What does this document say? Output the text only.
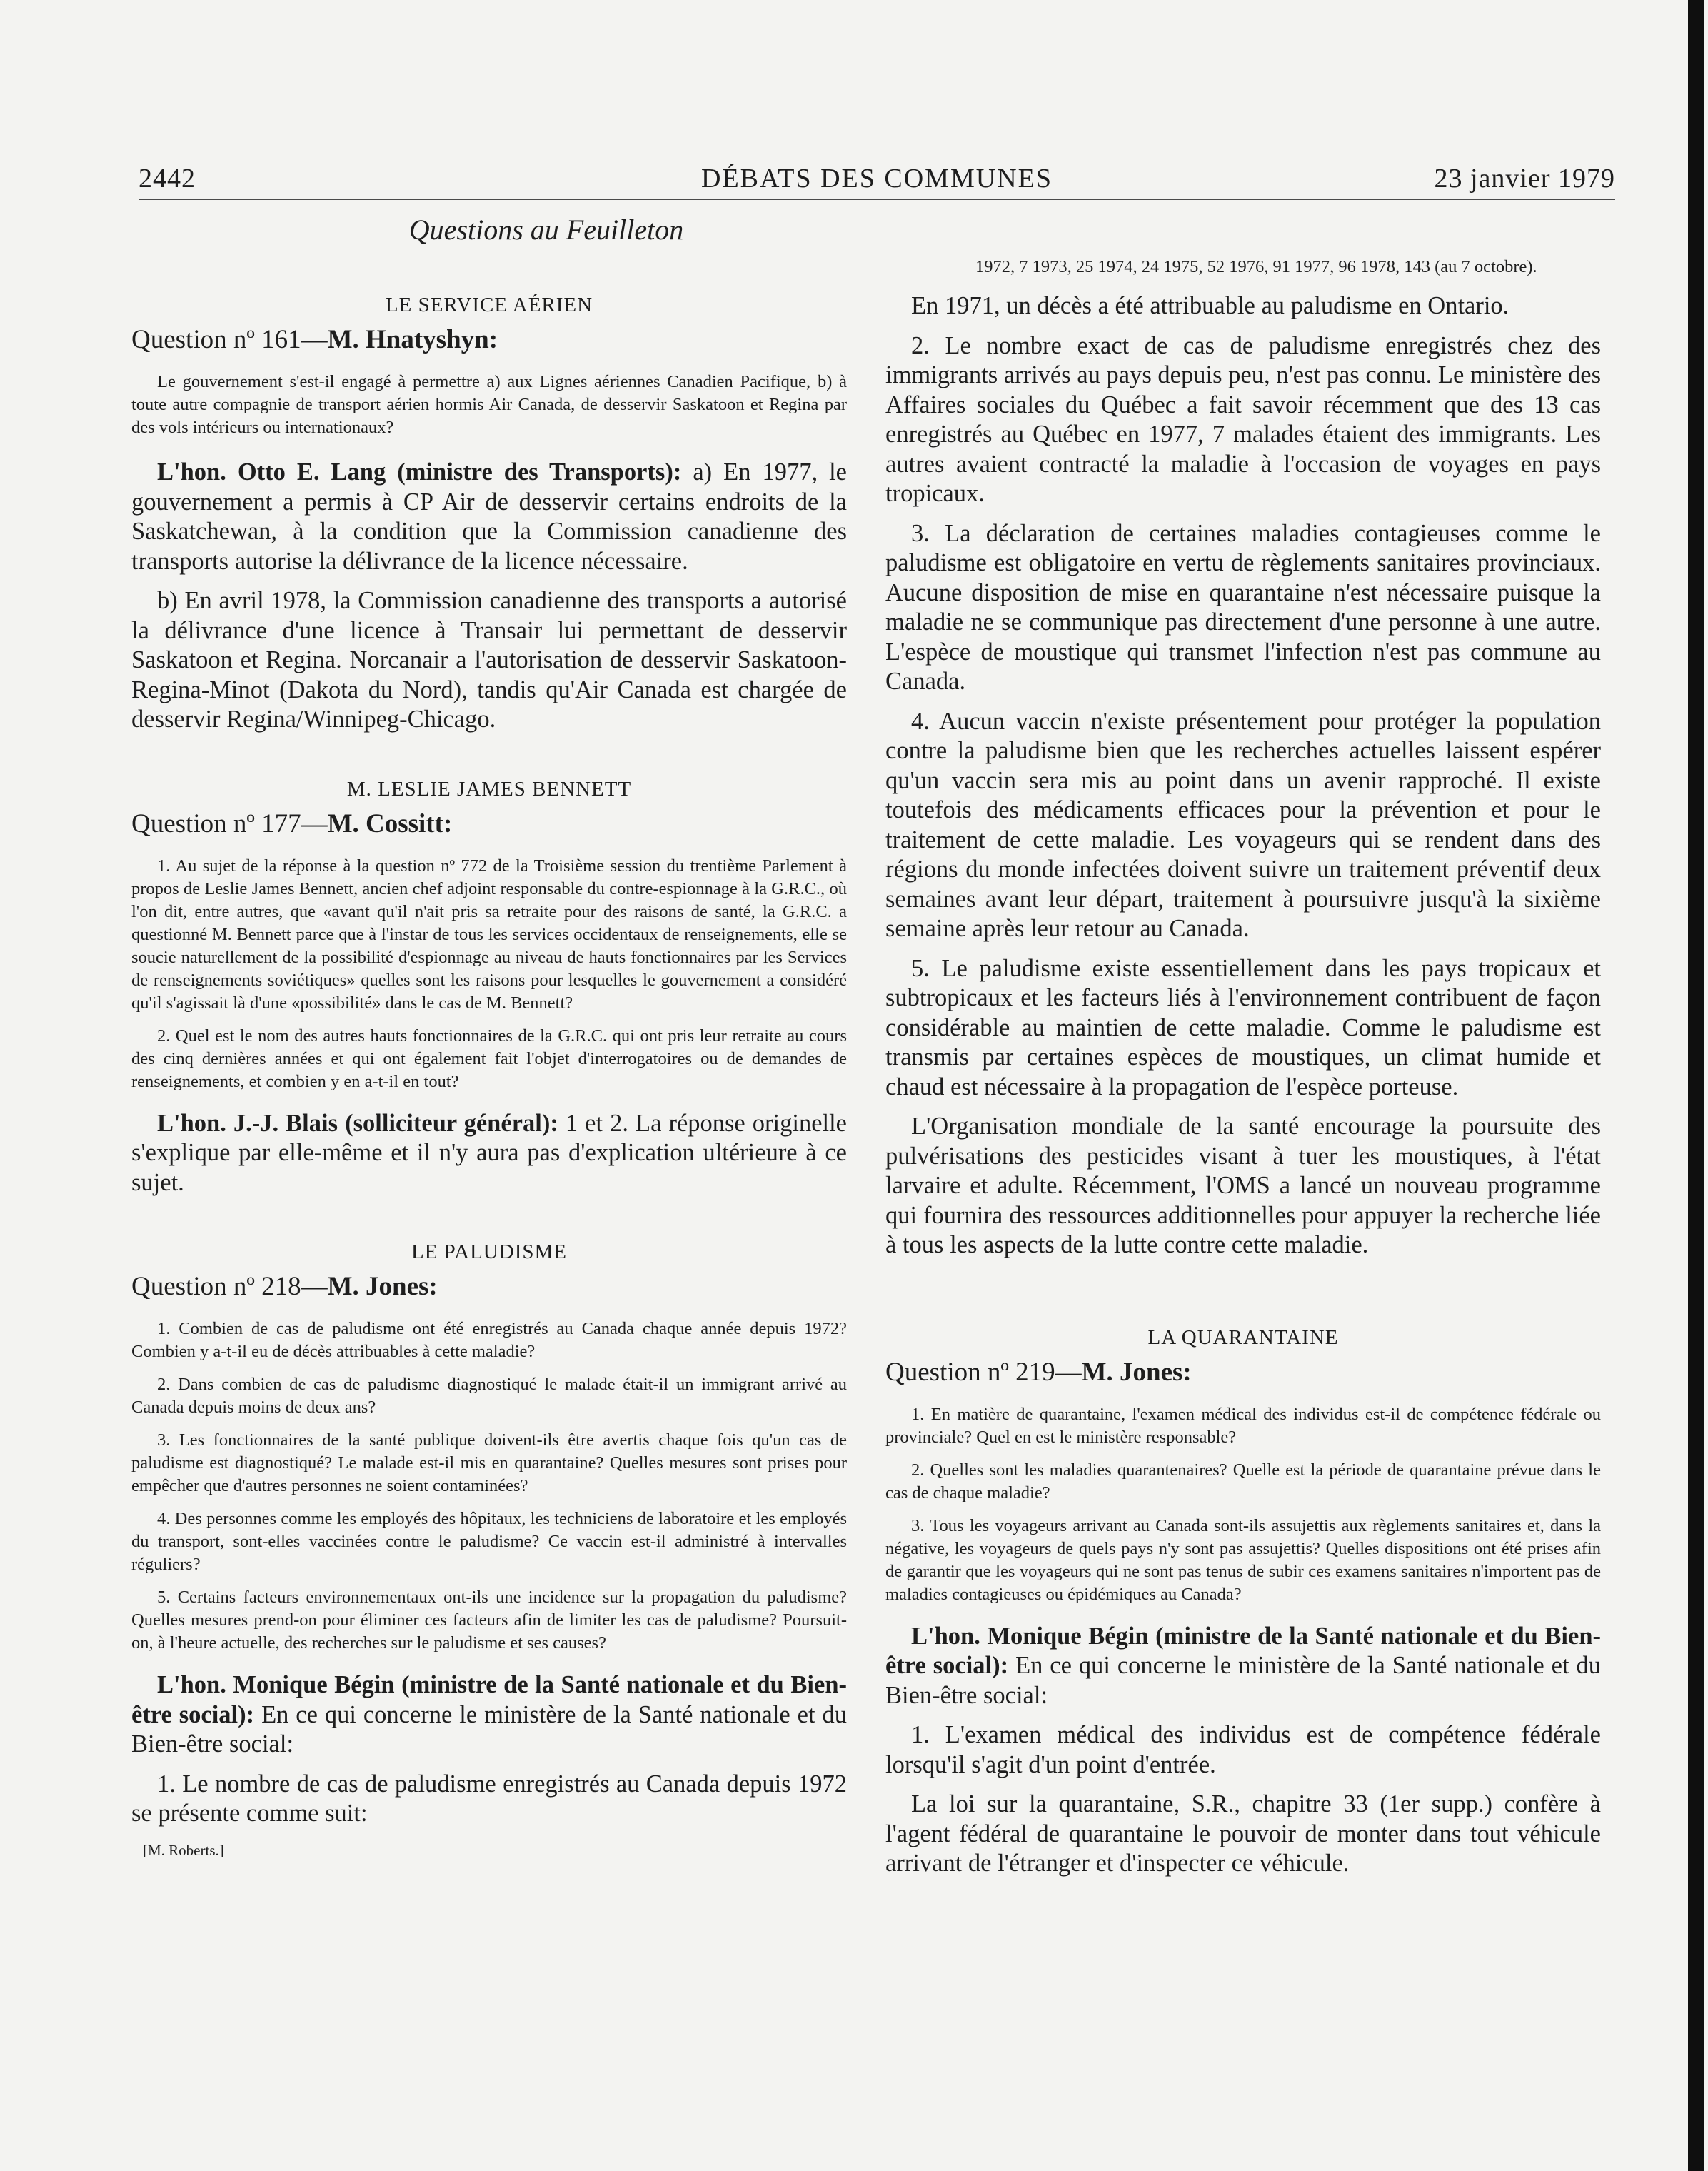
2442	DÉBATS DES COMMUNES	23 janvier 1979
Questions au Feuilleton
LE SERVICE AÉRIEN
Question nº 161—M. Hnatyshyn:

Le gouvernement s'est-il engagé à permettre a) aux Lignes aériennes Canadien Pacifique, b) à toute autre compagnie de transport aérien hormis Air Canada, de desservir Saskatoon et Regina par des vols intérieurs ou internationaux?

L'hon. Otto E. Lang (ministre des Transports): a) En 1977, le gouvernement a permis à CP Air de desservir certains endroits de la Saskatchewan, à la condition que la Commission canadienne des transports autorise la délivrance de la licence nécessaire.

b) En avril 1978, la Commission canadienne des transports a autorisé la délivrance d'une licence à Transair lui permettant de desservir Saskatoon et Regina. Norcanair a l'autorisation de desservir Saskatoon-Regina-Minot (Dakota du Nord), tandis qu'Air Canada est chargée de desservir Regina/Winnipeg-Chicago.

M. LESLIE JAMES BENNETT
Question nº 177—M. Cossitt:

1. Au sujet de la réponse à la question nº 772 de la Troisième session du trentième Parlement à propos de Leslie James Bennett, ancien chef adjoint responsable du contre-espionnage à la G.R.C., où l'on dit, entre autres, que «avant qu'il n'ait pris sa retraite pour des raisons de santé, la G.R.C. a questionné M. Bennett parce que à l'instar de tous les services occidentaux de renseignements, elle se soucie naturellement de la possibilité d'espionnage au niveau de hauts fonctionnaires par les Services de renseignements soviétiques» quelles sont les raisons pour lesquelles le gouvernement a considéré qu'il s'agissait là d'une «possibilité» dans le cas de M. Bennett?

2. Quel est le nom des autres hauts fonctionnaires de la G.R.C. qui ont pris leur retraite au cours des cinq dernières années et qui ont également fait l'objet d'interrogatoires ou de demandes de renseignements, et combien y en a-t-il en tout?

L'hon. J.-J. Blais (solliciteur général): 1 et 2. La réponse originelle s'explique par elle-même et il n'y aura pas d'explication ultérieure à ce sujet.

LE PALUDISME
Question nº 218—M. Jones:

1. Combien de cas de paludisme ont été enregistrés au Canada chaque année depuis 1972? Combien y a-t-il eu de décès attribuables à cette maladie?

2. Dans combien de cas de paludisme diagnostiqué le malade était-il un immigrant arrivé au Canada depuis moins de deux ans?

3. Les fonctionnaires de la santé publique doivent-ils être avertis chaque fois qu'un cas de paludisme est diagnostiqué? Le malade est-il mis en quarantaine? Quelles mesures sont prises pour empêcher que d'autres personnes ne soient contaminées?

4. Des personnes comme les employés des hôpitaux, les techniciens de laboratoire et les employés du transport, sont-elles vaccinées contre le paludisme? Ce vaccin est-il administré à intervalles réguliers?

5. Certains facteurs environnementaux ont-ils une incidence sur la propagation du paludisme? Quelles mesures prend-on pour éliminer ces facteurs afin de limiter les cas de paludisme? Poursuit-on, à l'heure actuelle, des recherches sur le paludisme et ses causes?

L'hon. Monique Bégin (ministre de la Santé nationale et du Bien-être social): En ce qui concerne le ministère de la Santé nationale et du Bien-être social:

1. Le nombre de cas de paludisme enregistrés au Canada depuis 1972 se présente comme suit:

[M. Roberts.]

1972, 7 1973, 25 1974, 24 1975, 52 1976, 91 1977, 96 1978, 143 (au 7 octobre).

En 1971, un décès a été attribuable au paludisme en Ontario.

2. Le nombre exact de cas de paludisme enregistrés chez des immigrants arrivés au pays depuis peu, n'est pas connu. Le ministère des Affaires sociales du Québec a fait savoir récemment que des 13 cas enregistrés au Québec en 1977, 7 malades étaient des immigrants. Les autres avaient contracté la maladie à l'occasion de voyages en pays tropicaux.

3. La déclaration de certaines maladies contagieuses comme le paludisme est obligatoire en vertu de règlements sanitaires provinciaux. Aucune disposition de mise en quarantaine n'est nécessaire puisque la maladie ne se communique pas directement d'une personne à une autre. L'espèce de moustique qui transmet l'infection n'est pas commune au Canada.

4. Aucun vaccin n'existe présentement pour protéger la population contre la paludisme bien que les recherches actuelles laissent espérer qu'un vaccin sera mis au point dans un avenir rapproché. Il existe toutefois des médicaments efficaces pour la prévention et pour le traitement de cette maladie. Les voyageurs qui se rendent dans des régions du monde infectées doivent suivre un traitement préventif deux semaines avant leur départ, traitement à poursuivre jusqu'à la sixième semaine après leur retour au Canada.

5. Le paludisme existe essentiellement dans les pays tropicaux et subtropicaux et les facteurs liés à l'environnement contribuent de façon considérable au maintien de cette maladie. Comme le paludisme est transmis par certaines espèces de moustiques, un climat humide et chaud est nécessaire à la propagation de l'espèce porteuse.

L'Organisation mondiale de la santé encourage la poursuite des pulvérisations des pesticides visant à tuer les moustiques, à l'état larvaire et adulte. Récemment, l'OMS a lancé un nouveau programme qui fournira des ressources additionnelles pour appuyer la recherche liée à tous les aspects de la lutte contre cette maladie.

LA QUARANTAINE
Question nº 219—M. Jones:

1. En matière de quarantaine, l'examen médical des individus est-il de compétence fédérale ou provinciale? Quel en est le ministère responsable?

2. Quelles sont les maladies quarantenaires? Quelle est la période de quarantaine prévue dans le cas de chaque maladie?

3. Tous les voyageurs arrivant au Canada sont-ils assujettis aux règlements sanitaires et, dans la négative, les voyageurs de quels pays n'y sont pas assujettis? Quelles dispositions ont été prises afin de garantir que les voyageurs qui ne sont pas tenus de subir ces examens sanitaires n'importent pas de maladies contagieuses ou épidémiques au Canada?

L'hon. Monique Bégin (ministre de la Santé nationale et du Bien-être social): En ce qui concerne le ministère de la Santé nationale et du Bien-être social:

1. L'examen médical des individus est de compétence fédérale lorsqu'il s'agit d'un point d'entrée.

La loi sur la quarantaine, S.R., chapitre 33 (1er supp.) confère à l'agent fédéral de quarantaine le pouvoir de monter dans tout véhicule arrivant de l'étranger et d'inspecter ce véhicule.
